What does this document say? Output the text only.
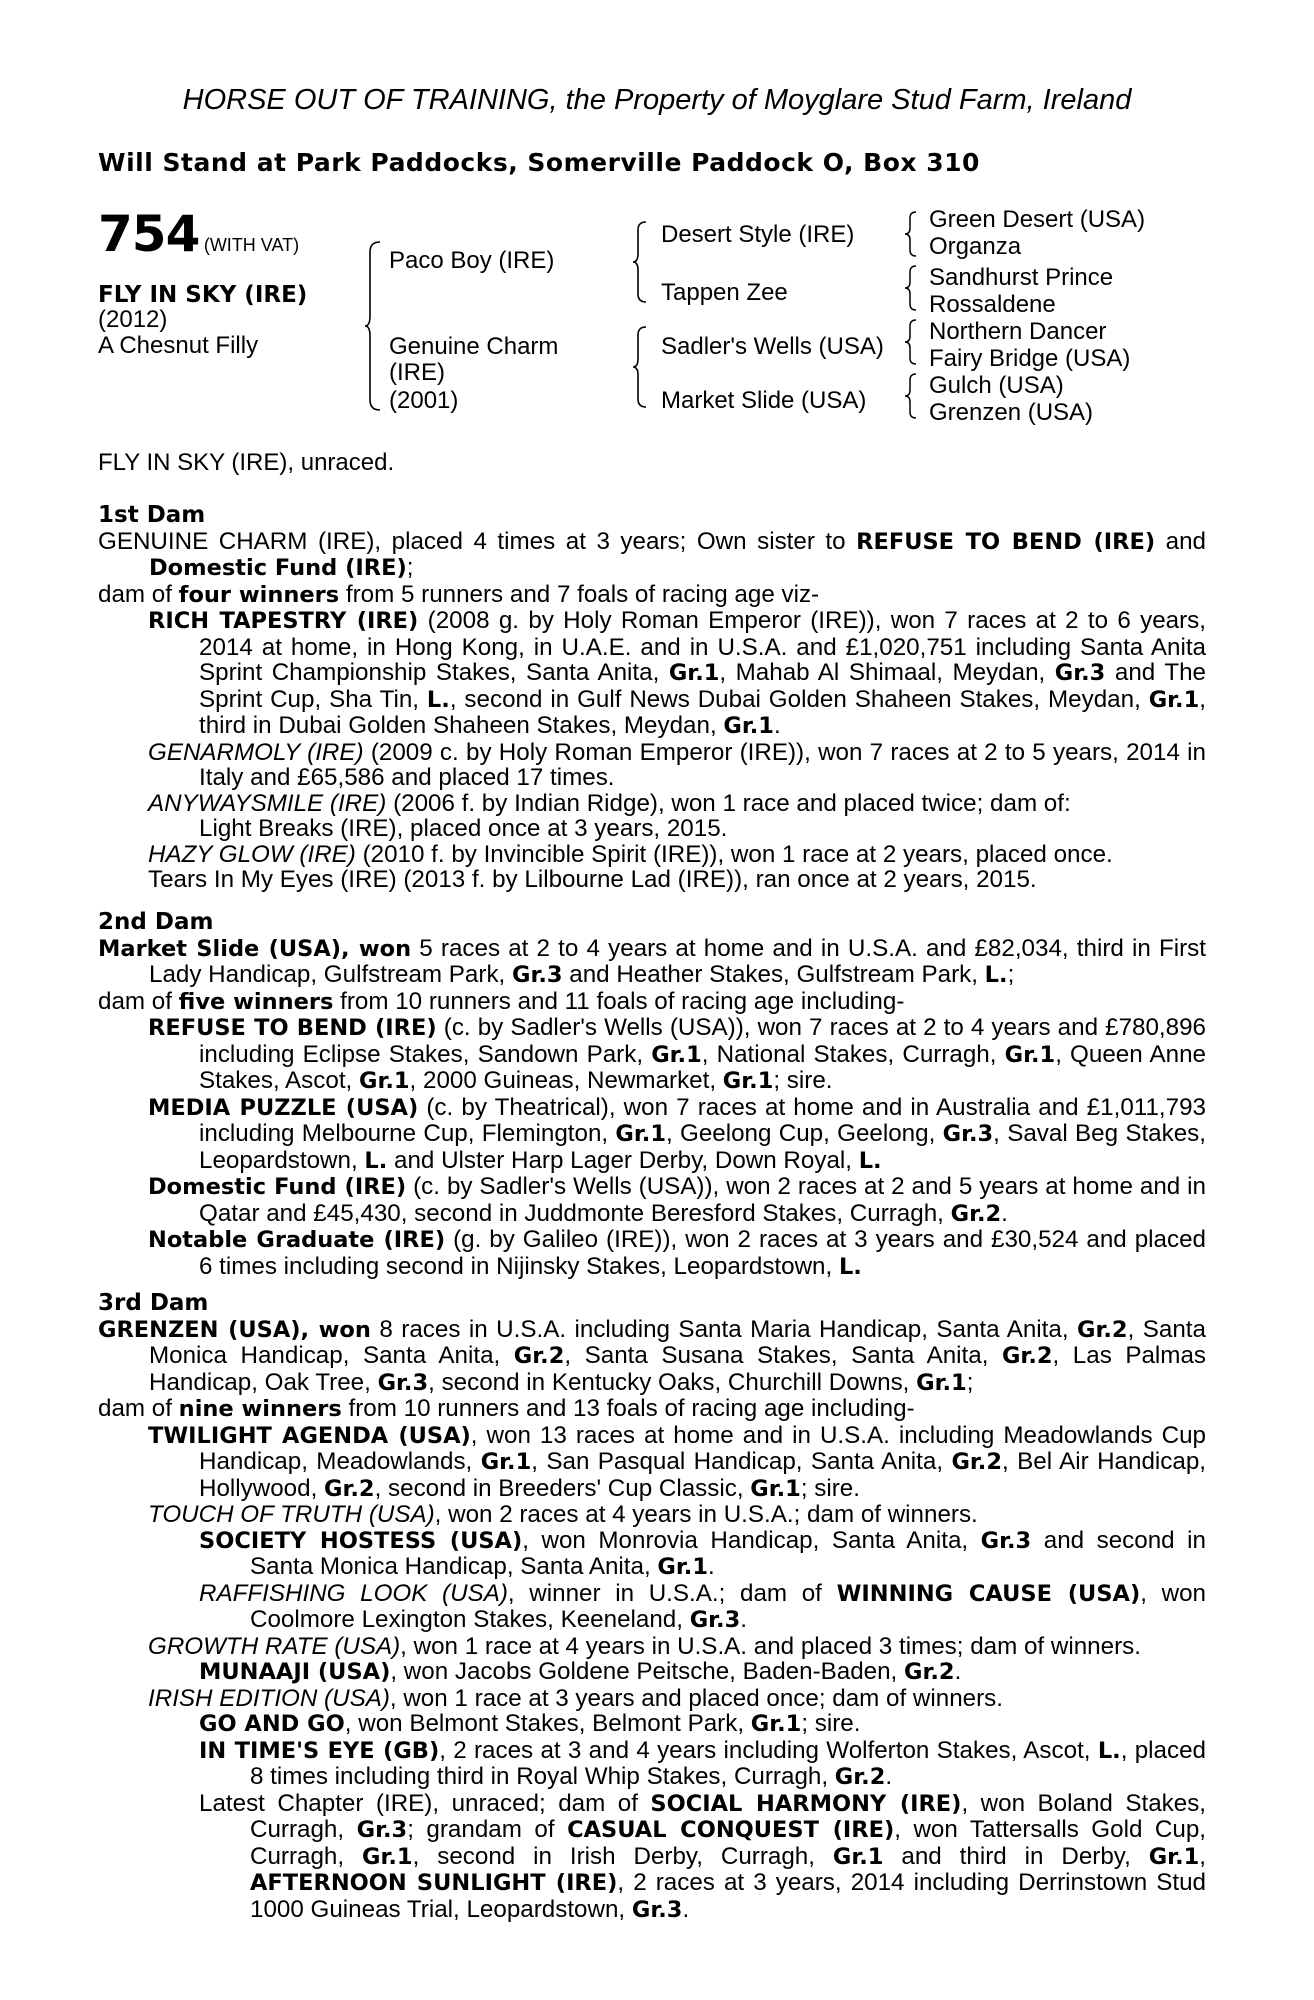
HORSE OUT OF TRAINING, the Property of Moyglare Stud Farm, Ireland
Will Stand at Park Paddocks, Somerville Paddock O, Box 310
754 (WITH VAT)
FLY IN SKY (IRE)
(2012)
A Chesnut Filly
Paco Boy (IRE)
Genuine Charm
(IRE)
(2001)
Desert Style (IRE)
Tappen Zee
Sadler's Wells (USA)
Market Slide (USA)
Green Desert (USA)
Organza
Sandhurst Prince
Rossaldene
Northern Dancer
Fairy Bridge (USA)
Gulch (USA)
Grenzen (USA)
FLY IN SKY (IRE), unraced.
1st Dam
GENUINE CHARM (IRE), placed 4 times at 3 years; Own sister to REFUSE TO BEND (IRE) and Domestic Fund (IRE);
dam of four winners from 5 runners and 7 foals of racing age viz-
RICH TAPESTRY (IRE) (2008 g. by Holy Roman Emperor (IRE)), won 7 races at 2 to 6 years, 2014 at home, in Hong Kong, in U.A.E. and in U.S.A. and £1,020,751 including Santa Anita Sprint Championship Stakes, Santa Anita, Gr.1, Mahab Al Shimaal, Meydan, Gr.3 and The Sprint Cup, Sha Tin, L., second in Gulf News Dubai Golden Shaheen Stakes, Meydan, Gr.1, third in Dubai Golden Shaheen Stakes, Meydan, Gr.1.
GENARMOLY (IRE) (2009 c. by Holy Roman Emperor (IRE)), won 7 races at 2 to 5 years, 2014 in Italy and £65,586 and placed 17 times.
ANYWAYSMILE (IRE) (2006 f. by Indian Ridge), won 1 race and placed twice; dam of:
Light Breaks (IRE), placed once at 3 years, 2015.
HAZY GLOW (IRE) (2010 f. by Invincible Spirit (IRE)), won 1 race at 2 years, placed once.
Tears In My Eyes (IRE) (2013 f. by Lilbourne Lad (IRE)), ran once at 2 years, 2015.
2nd Dam
Market Slide (USA), won 5 races at 2 to 4 years at home and in U.S.A. and £82,034, third in First Lady Handicap, Gulfstream Park, Gr.3 and Heather Stakes, Gulfstream Park, L.;
dam of five winners from 10 runners and 11 foals of racing age including-
REFUSE TO BEND (IRE) (c. by Sadler's Wells (USA)), won 7 races at 2 to 4 years and £780,896 including Eclipse Stakes, Sandown Park, Gr.1, National Stakes, Curragh, Gr.1, Queen Anne Stakes, Ascot, Gr.1, 2000 Guineas, Newmarket, Gr.1; sire.
MEDIA PUZZLE (USA) (c. by Theatrical), won 7 races at home and in Australia and £1,011,793 including Melbourne Cup, Flemington, Gr.1, Geelong Cup, Geelong, Gr.3, Saval Beg Stakes, Leopardstown, L. and Ulster Harp Lager Derby, Down Royal, L.
Domestic Fund (IRE) (c. by Sadler's Wells (USA)), won 2 races at 2 and 5 years at home and in Qatar and £45,430, second in Juddmonte Beresford Stakes, Curragh, Gr.2.
Notable Graduate (IRE) (g. by Galileo (IRE)), won 2 races at 3 years and £30,524 and placed 6 times including second in Nijinsky Stakes, Leopardstown, L.
3rd Dam
GRENZEN (USA), won 8 races in U.S.A. including Santa Maria Handicap, Santa Anita, Gr.2, Santa Monica Handicap, Santa Anita, Gr.2, Santa Susana Stakes, Santa Anita, Gr.2, Las Palmas Handicap, Oak Tree, Gr.3, second in Kentucky Oaks, Churchill Downs, Gr.1;
dam of nine winners from 10 runners and 13 foals of racing age including-
TWILIGHT AGENDA (USA), won 13 races at home and in U.S.A. including Meadowlands Cup Handicap, Meadowlands, Gr.1, San Pasqual Handicap, Santa Anita, Gr.2, Bel Air Handicap, Hollywood, Gr.2, second in Breeders' Cup Classic, Gr.1; sire.
TOUCH OF TRUTH (USA), won 2 races at 4 years in U.S.A.; dam of winners.
SOCIETY HOSTESS (USA), won Monrovia Handicap, Santa Anita, Gr.3 and second in Santa Monica Handicap, Santa Anita, Gr.1.
RAFFISHING LOOK (USA), winner in U.S.A.; dam of WINNING CAUSE (USA), won Coolmore Lexington Stakes, Keeneland, Gr.3.
GROWTH RATE (USA), won 1 race at 4 years in U.S.A. and placed 3 times; dam of winners.
MUNAAJI (USA), won Jacobs Goldene Peitsche, Baden-Baden, Gr.2.
IRISH EDITION (USA), won 1 race at 3 years and placed once; dam of winners.
GO AND GO, won Belmont Stakes, Belmont Park, Gr.1; sire.
IN TIME'S EYE (GB), 2 races at 3 and 4 years including Wolferton Stakes, Ascot, L., placed 8 times including third in Royal Whip Stakes, Curragh, Gr.2.
Latest Chapter (IRE), unraced; dam of SOCIAL HARMONY (IRE), won Boland Stakes, Curragh, Gr.3; grandam of CASUAL CONQUEST (IRE), won Tattersalls Gold Cup, Curragh, Gr.1, second in Irish Derby, Curragh, Gr.1 and third in Derby, Gr.1, AFTERNOON SUNLIGHT (IRE), 2 races at 3 years, 2014 including Derrinstown Stud 1000 Guineas Trial, Leopardstown, Gr.3.
